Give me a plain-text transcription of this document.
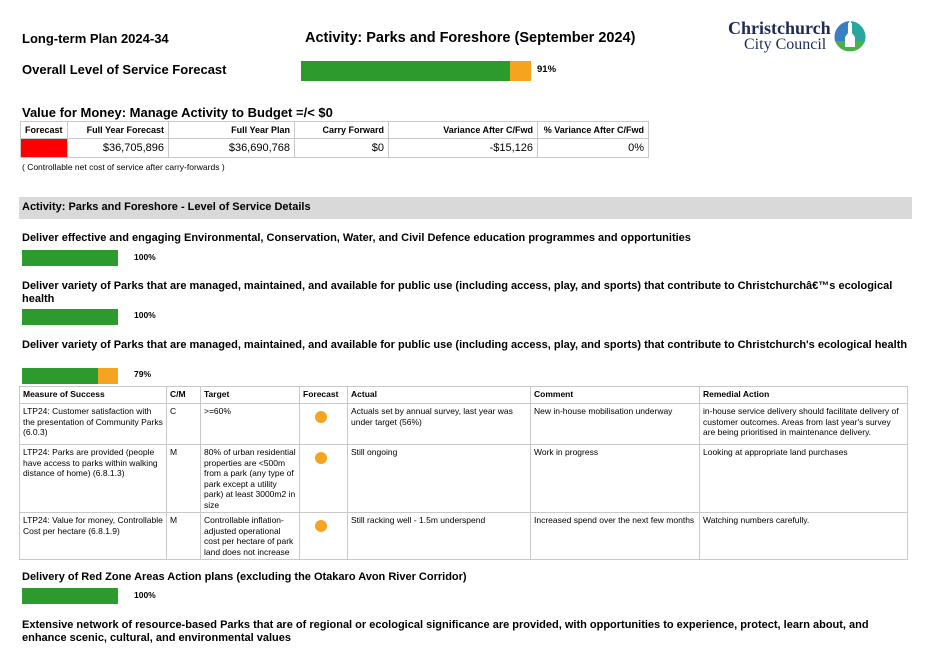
Long-term Plan 2024-34	Activity: Parks and Foreshore (September 2024)	Christchurch
City Council
Overall Level of Service Forecast	91%
Value for Money: Manage Activity to Budget =/< $0
Forecast	Full Year Forecast	Full Year Plan	Carry Forward	Variance After C/Fwd	% Variance After C/Fwd
	$36,705,896	$36,690,768	$0	-$15,126	0%
( Controllable net cost of service after carry-forwards )
Activity: Parks and Foreshore - Level of Service Details
Deliver effective and engaging Environmental, Conservation, Water, and Civil Defence education programmes and opportunities
100%
Deliver variety of Parks that are managed, maintained, and available for public use (including access, play, and sports) that contribute to Christchurchâ€™s ecological health
100%
Deliver variety of Parks that are managed, maintained, and available for public use (including access, play, and sports) that contribute to Christchurch's ecological health
79%
Measure of Success	C/M	Target	Forecast	Actual	Comment	Remedial Action
LTP24: Customer satisfaction with the presentation of Community Parks (6.0.3)	C	>=60%		Actuals set by annual survey, last year was under target (56%)	New in-house mobilisation underway	in-house service delivery should facilitate delivery of customer outcomes. Areas from last year's survey are being prioritised in maintenance delivery.
LTP24: Parks are provided (people have access to parks within walking distance of home) (6.8.1.3)	M	80% of urban residential properties are <500m from a park (any type of park except a utility park) at least 3000m2 in size		Still ongoing	Work in progress	Looking at appropriate land purchases
LTP24: Value for money, Controllable Cost per hectare (6.8.1.9)	M	Controllable inflation-adjusted operational cost per hectare of park land does not increase		Still racking well - 1.5m underspend	Increased spend over the next few months	Watching numbers carefully.
Delivery of Red Zone Areas Action plans (excluding the Otakaro Avon River Corridor)
100%
Extensive network of resource-based Parks that are of regional or ecological significance are provided, with opportunities to experience, protect, learn about, and enhance scenic, cultural, and environmental values
